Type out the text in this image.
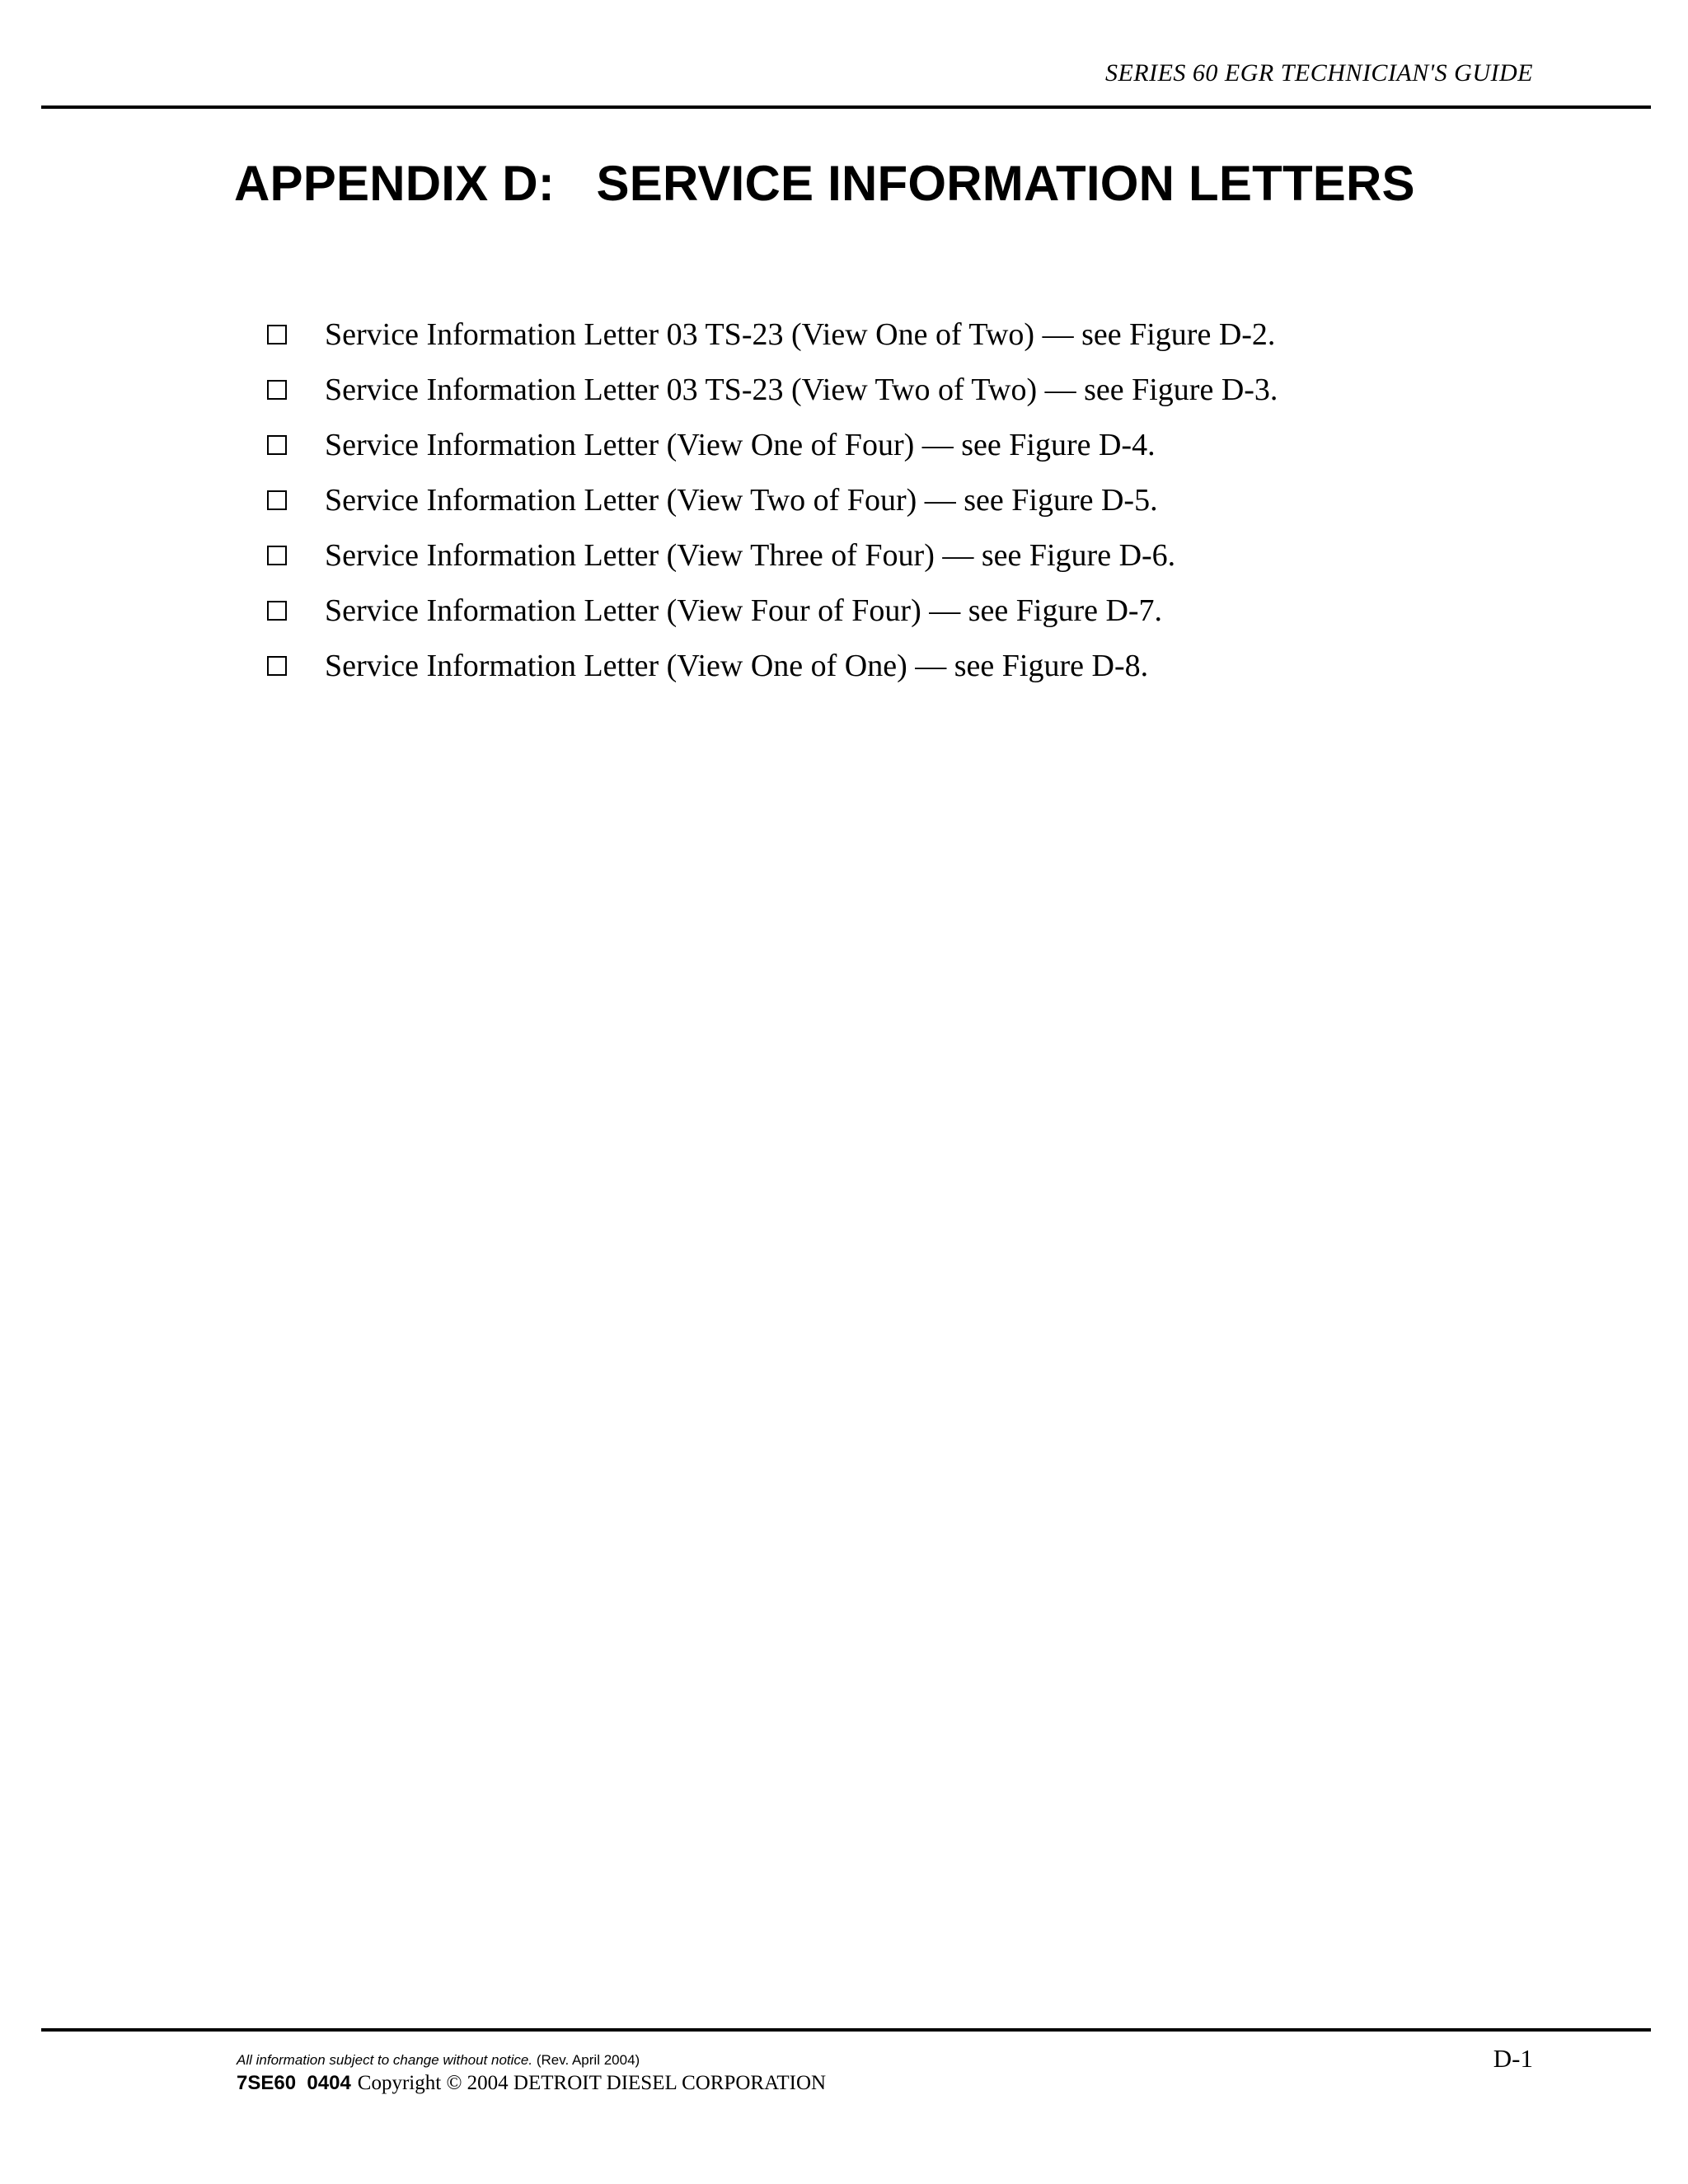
SERIES 60 EGR TECHNICIAN'S GUIDE
APPENDIX D:   SERVICE INFORMATION LETTERS
Service Information Letter 03 TS-23 (View One of Two) — see Figure D-2.
Service Information Letter 03 TS-23 (View Two of Two) — see Figure D-3.
Service Information Letter (View One of Four) — see Figure D-4.
Service Information Letter (View Two of Four) — see Figure D-5.
Service Information Letter (View Three of Four) — see Figure D-6.
Service Information Letter (View Four of Four) — see Figure D-7.
Service Information Letter (View One of One) — see Figure D-8.
All information subject to change without notice. (Rev. April 2004)
7SE60  0404 Copyright © 2004 DETROIT DIESEL CORPORATION
D-1
